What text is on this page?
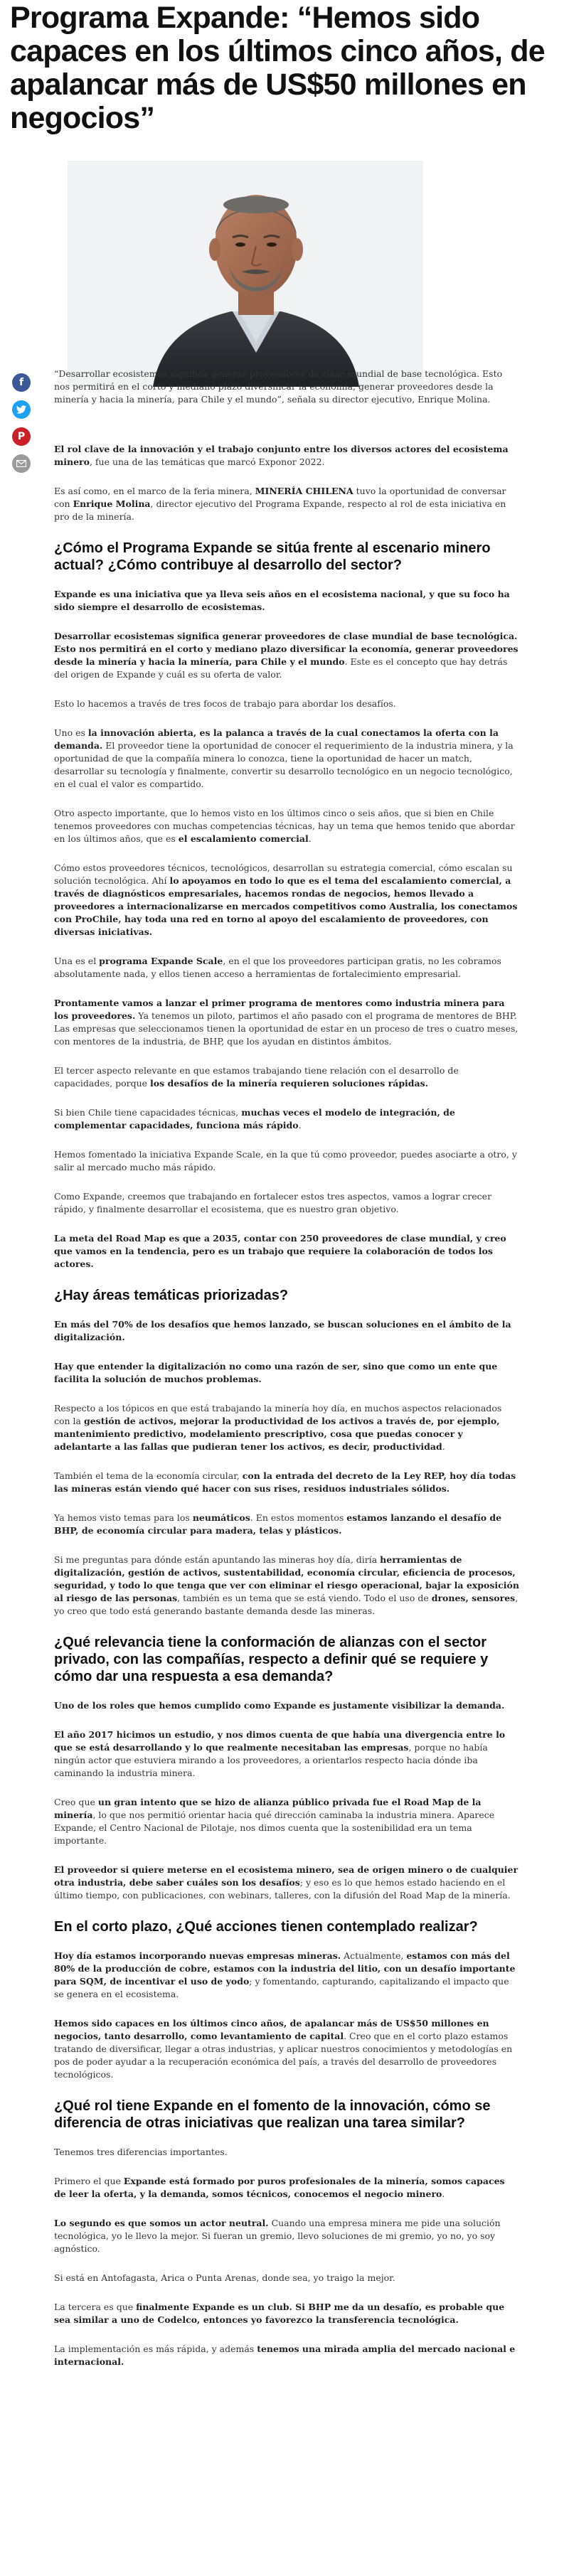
Programa Expande: “Hemos sido capaces en los últimos cinco años, de apalancar más de US$50 millones en negocios”
f
P

“Desarrollar ecosistemas significa generar proveedores de clase mundial de base tecnológica. Esto nos permitirá en el corto y mediano plazo diversificar la economía, generar proveedores desde la minería y hacia la minería, para Chile y el mundo”, señala su director ejecutivo, Enrique Molina.

El rol clave de la innovación y el trabajo conjunto entre los diversos actores del ecosistema minero, fue una de las temáticas que marcó Exponor 2022.

Es así como, en el marco de la feria minera, MINERÍA CHILENA tuvo la oportunidad de conversar con Enrique Molina, director ejecutivo del Programa Expande, respecto al rol de esta iniciativa en pro de la minería.

¿Cómo el Programa Expande se sitúa frente al escenario minero actual? ¿Cómo contribuye al desarrollo del sector?

Expande es una iniciativa que ya lleva seis años en el ecosistema nacional, y que su foco ha sido siempre el desarrollo de ecosistemas.

Desarrollar ecosistemas significa generar proveedores de clase mundial de base tecnológica. Esto nos permitirá en el corto y mediano plazo diversificar la economía, generar proveedores desde la minería y hacia la minería, para Chile y el mundo. Este es el concepto que hay detrás del origen de Expande y cuál es su oferta de valor.

Esto lo hacemos a través de tres focos de trabajo para abordar los desafíos.

Uno es la innovación abierta, es la palanca a través de la cual conectamos la oferta con la demanda. El proveedor tiene la oportunidad de conocer el requerimiento de la industria minera, y la oportunidad de que la compañía minera lo conozca, tiene la oportunidad de hacer un match, desarrollar su tecnología y finalmente, convertir su desarrollo tecnológico en un negocio tecnológico, en el cual el valor es compartido.

Otro aspecto importante, que lo hemos visto en los últimos cinco o seis años, que si bien en Chile tenemos proveedores con muchas competencias técnicas, hay un tema que hemos tenido que abordar en los últimos años, que es el escalamiento comercial.

Cómo estos proveedores técnicos, tecnológicos, desarrollan su estrategia comercial, cómo escalan su solución tecnológica. Ahí lo apoyamos en todo lo que es el tema del escalamiento comercial, a través de diagnósticos empresariales, hacemos rondas de negocios, hemos llevado a proveedores a internacionalizarse en mercados competitivos como Australia, los conectamos con ProChile, hay toda una red en torno al apoyo del escalamiento de proveedores, con diversas iniciativas.

Una es el programa Expande Scale, en el que los proveedores participan gratis, no les cobramos absolutamente nada, y ellos tienen acceso a herramientas de fortalecimiento empresarial.

Prontamente vamos a lanzar el primer programa de mentores como industria minera para los proveedores. Ya tenemos un piloto, partimos el año pasado con el programa de mentores de BHP. Las empresas que seleccionamos tienen la oportunidad de estar en un proceso de tres o cuatro meses, con mentores de la industria, de BHP, que los ayudan en distintos ámbitos.

El tercer aspecto relevante en que estamos trabajando tiene relación con el desarrollo de capacidades, porque los desafíos de la minería requieren soluciones rápidas.

Si bien Chile tiene capacidades técnicas, muchas veces el modelo de integración, de complementar capacidades, funciona más rápido.

Hemos fomentado la iniciativa Expande Scale, en la que tú como proveedor, puedes asociarte a otro, y salir al mercado mucho más rápido.

Como Expande, creemos que trabajando en fortalecer estos tres aspectos, vamos a lograr crecer rápido, y finalmente desarrollar el ecosistema, que es nuestro gran objetivo.

La meta del Road Map es que a 2035, contar con 250 proveedores de clase mundial, y creo que vamos en la tendencia, pero es un trabajo que requiere la colaboración de todos los actores.

¿Hay áreas temáticas priorizadas?

En más del 70% de los desafíos que hemos lanzado, se buscan soluciones en el ámbito de la digitalización.

Hay que entender la digitalización no como una razón de ser, sino que como un ente que facilita la solución de muchos problemas.

Respecto a los tópicos en que está trabajando la minería hoy día, en muchos aspectos relacionados con la gestión de activos, mejorar la productividad de los activos a través de, por ejemplo, mantenimiento predictivo, modelamiento prescriptivo, cosa que puedas conocer y adelantarte a las fallas que pudieran tener los activos, es decir, productividad.

También el tema de la economía circular, con la entrada del decreto de la Ley REP, hoy día todas las mineras están viendo qué hacer con sus rises, residuos industriales sólidos.

Ya hemos visto temas para los neumáticos. En estos momentos estamos lanzando el desafío de BHP, de economía circular para madera, telas y plásticos.

Si me preguntas para dónde están apuntando las mineras hoy día, diría herramientas de digitalización, gestión de activos, sustentabilidad, economía circular, eficiencia de procesos, seguridad, y todo lo que tenga que ver con eliminar el riesgo operacional, bajar la exposición al riesgo de las personas, también es un tema que se está viendo. Todo el uso de drones, sensores, yo creo que todo está generando bastante demanda desde las mineras.

¿Qué relevancia tiene la conformación de alianzas con el sector privado, con las compañías, respecto a definir qué se requiere y cómo dar una respuesta a esa demanda?

Uno de los roles que hemos cumplido como Expande es justamente visibilizar la demanda.

El año 2017 hicimos un estudio, y nos dimos cuenta de que había una divergencia entre lo que se está desarrollando y lo que realmente necesitaban las empresas, porque no había ningún actor que estuviera mirando a los proveedores, a orientarlos respecto hacia dónde iba caminando la industria minera.

Creo que un gran intento que se hizo de alianza público privada fue el Road Map de la minería, lo que nos permitió orientar hacia qué dirección caminaba la industria minera. Aparece Expande, el Centro Nacional de Pilotaje, nos dimos cuenta que la sostenibilidad era un tema importante.

El proveedor si quiere meterse en el ecosistema minero, sea de origen minero o de cualquier otra industria, debe saber cuáles son los desafíos; y eso es lo que hemos estado haciendo en el último tiempo, con publicaciones, con webinars, talleres, con la difusión del Road Map de la minería.

En el corto plazo, ¿Qué acciones tienen contemplado realizar?

Hoy día estamos incorporando nuevas empresas mineras. Actualmente, estamos con más del 80% de la producción de cobre, estamos con la industria del litio, con un desafío importante para SQM, de incentivar el uso de yodo; y fomentando, capturando, capitalizando el impacto que se genera en el ecosistema.

Hemos sido capaces en los últimos cinco años, de apalancar más de US$50 millones en negocios, tanto desarrollo, como levantamiento de capital. Creo que en el corto plazo estamos tratando de diversificar, llegar a otras industrias, y aplicar nuestros conocimientos y metodologías en pos de poder ayudar a la recuperación económica del país, a través del desarrollo de proveedores tecnológicos.

¿Qué rol tiene Expande en el fomento de la innovación, cómo se diferencia de otras iniciativas que realizan una tarea similar?

Tenemos tres diferencias importantes.

Primero el que Expande está formado por puros profesionales de la minería, somos capaces de leer la oferta, y la demanda, somos técnicos, conocemos el negocio minero.

Lo segundo es que somos un actor neutral. Cuando una empresa minera me pide una solución tecnológica, yo le llevo la mejor. Si fueran un gremio, llevo soluciones de mi gremio, yo no, yo soy agnóstico.

Si está en Antofagasta, Arica o Punta Arenas, donde sea, yo traigo la mejor.

La tercera es que finalmente Expande es un club. Si BHP me da un desafío, es probable que sea similar a uno de Codelco, entonces yo favorezco la transferencia tecnológica.

La implementación es más rápida, y además tenemos una mirada amplia del mercado nacional e internacional.
